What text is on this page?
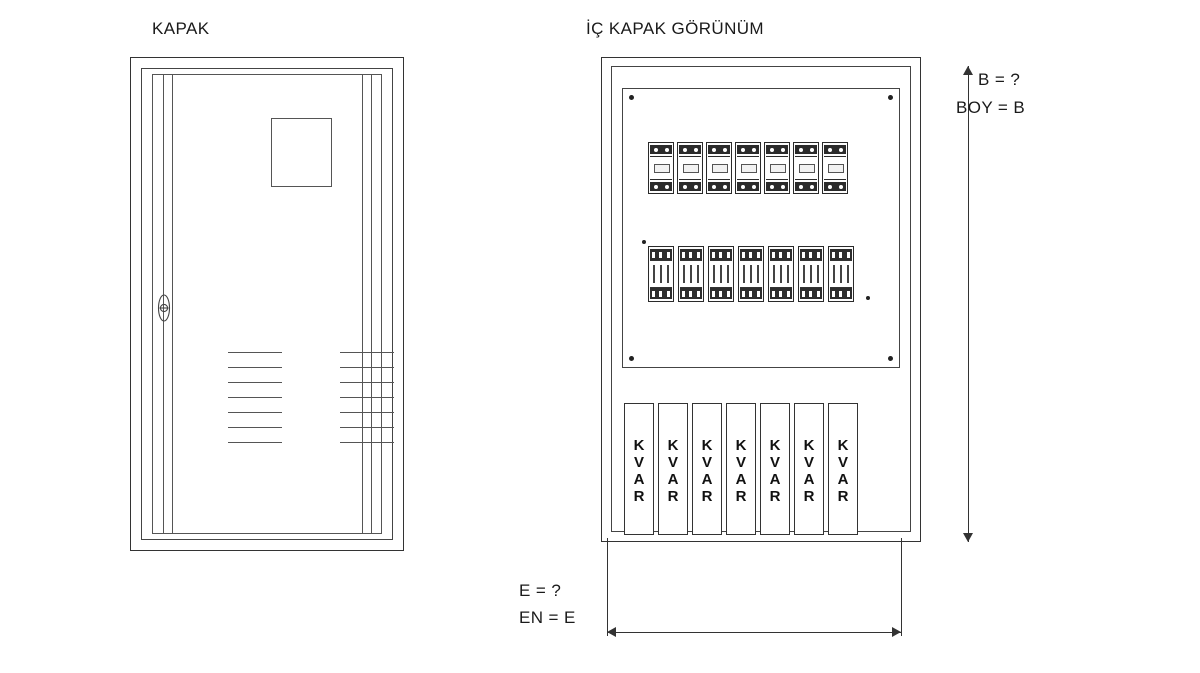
KAPAK	İÇ KAPAK GÖRÜNÜM
K
V
A
R
K
V
A
R
K
V
A
R
K
V
A
R
K
V
A
R
K
V
A
R
K
V
A
R
B = ?
BOY = B
E = ?
EN = E
